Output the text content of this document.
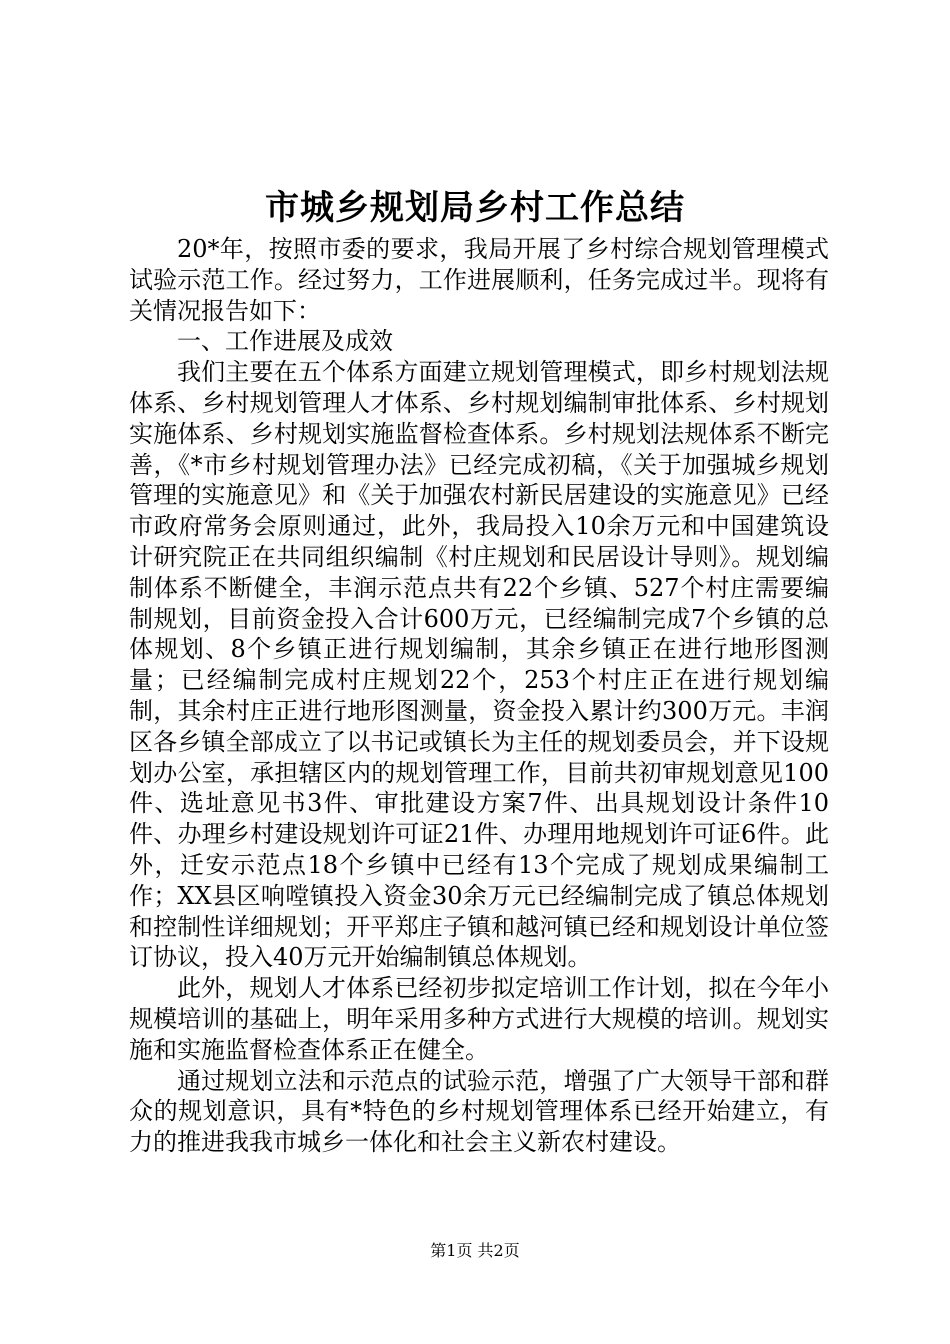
市城乡规划局乡村工作总结

20*年，按照市委的要求，我局开展了乡村综合规划管理模式试验示范工作。经过努力，工作进展顺利，任务完成过半。现将有关情况报告如下：

一、工作进展及成效

我们主要在五个体系方面建立规划管理模式，即乡村规划法规体系、乡村规划管理人才体系、乡村规划编制审批体系、乡村规划实施体系、乡村规划实施监督检查体系。乡村规划法规体系不断完善，《*市乡村规划管理办法》已经完成初稿，《关于加强城乡规划管理的实施意见》和《关于加强农村新民居建设的实施意见》已经市政府常务会原则通过，此外，我局投入10余万元和中国建筑设计研究院正在共同组织编制《村庄规划和民居设计导则》。规划编制体系不断健全，丰润示范点共有22个乡镇、527个村庄需要编制规划，目前资金投入合计600万元，已经编制完成7个乡镇的总体规划、8个乡镇正进行规划编制，其余乡镇正在进行地形图测量；已经编制完成村庄规划22个，253个村庄正在进行规划编制，其余村庄正进行地形图测量，资金投入累计约300万元。丰润区各乡镇全部成立了以书记或镇长为主任的规划委员会，并下设规划办公室，承担辖区内的规划管理工作，目前共初审规划意见100件、选址意见书3件、审批建设方案7件、出具规划设计条件10件、办理乡村建设规划许可证21件、办理用地规划许可证6件。此外，迁安示范点18个乡镇中已经有13个完成了规划成果编制工作；XX县区响嘡镇投入资金30余万元已经编制完成了镇总体规划和控制性详细规划；开平郑庄子镇和越河镇已经和规划设计单位签订协议，投入40万元开始编制镇总体规划。

此外，规划人才体系已经初步拟定培训工作计划，拟在今年小规模培训的基础上，明年采用多种方式进行大规模的培训。规划实施和实施监督检查体系正在健全。

通过规划立法和示范点的试验示范，增强了广大领导干部和群众的规划意识，具有*特色的乡村规划管理体系已经开始建立，有力的推进我我市城乡一体化和社会主义新农村建设。

第1页 共2页
